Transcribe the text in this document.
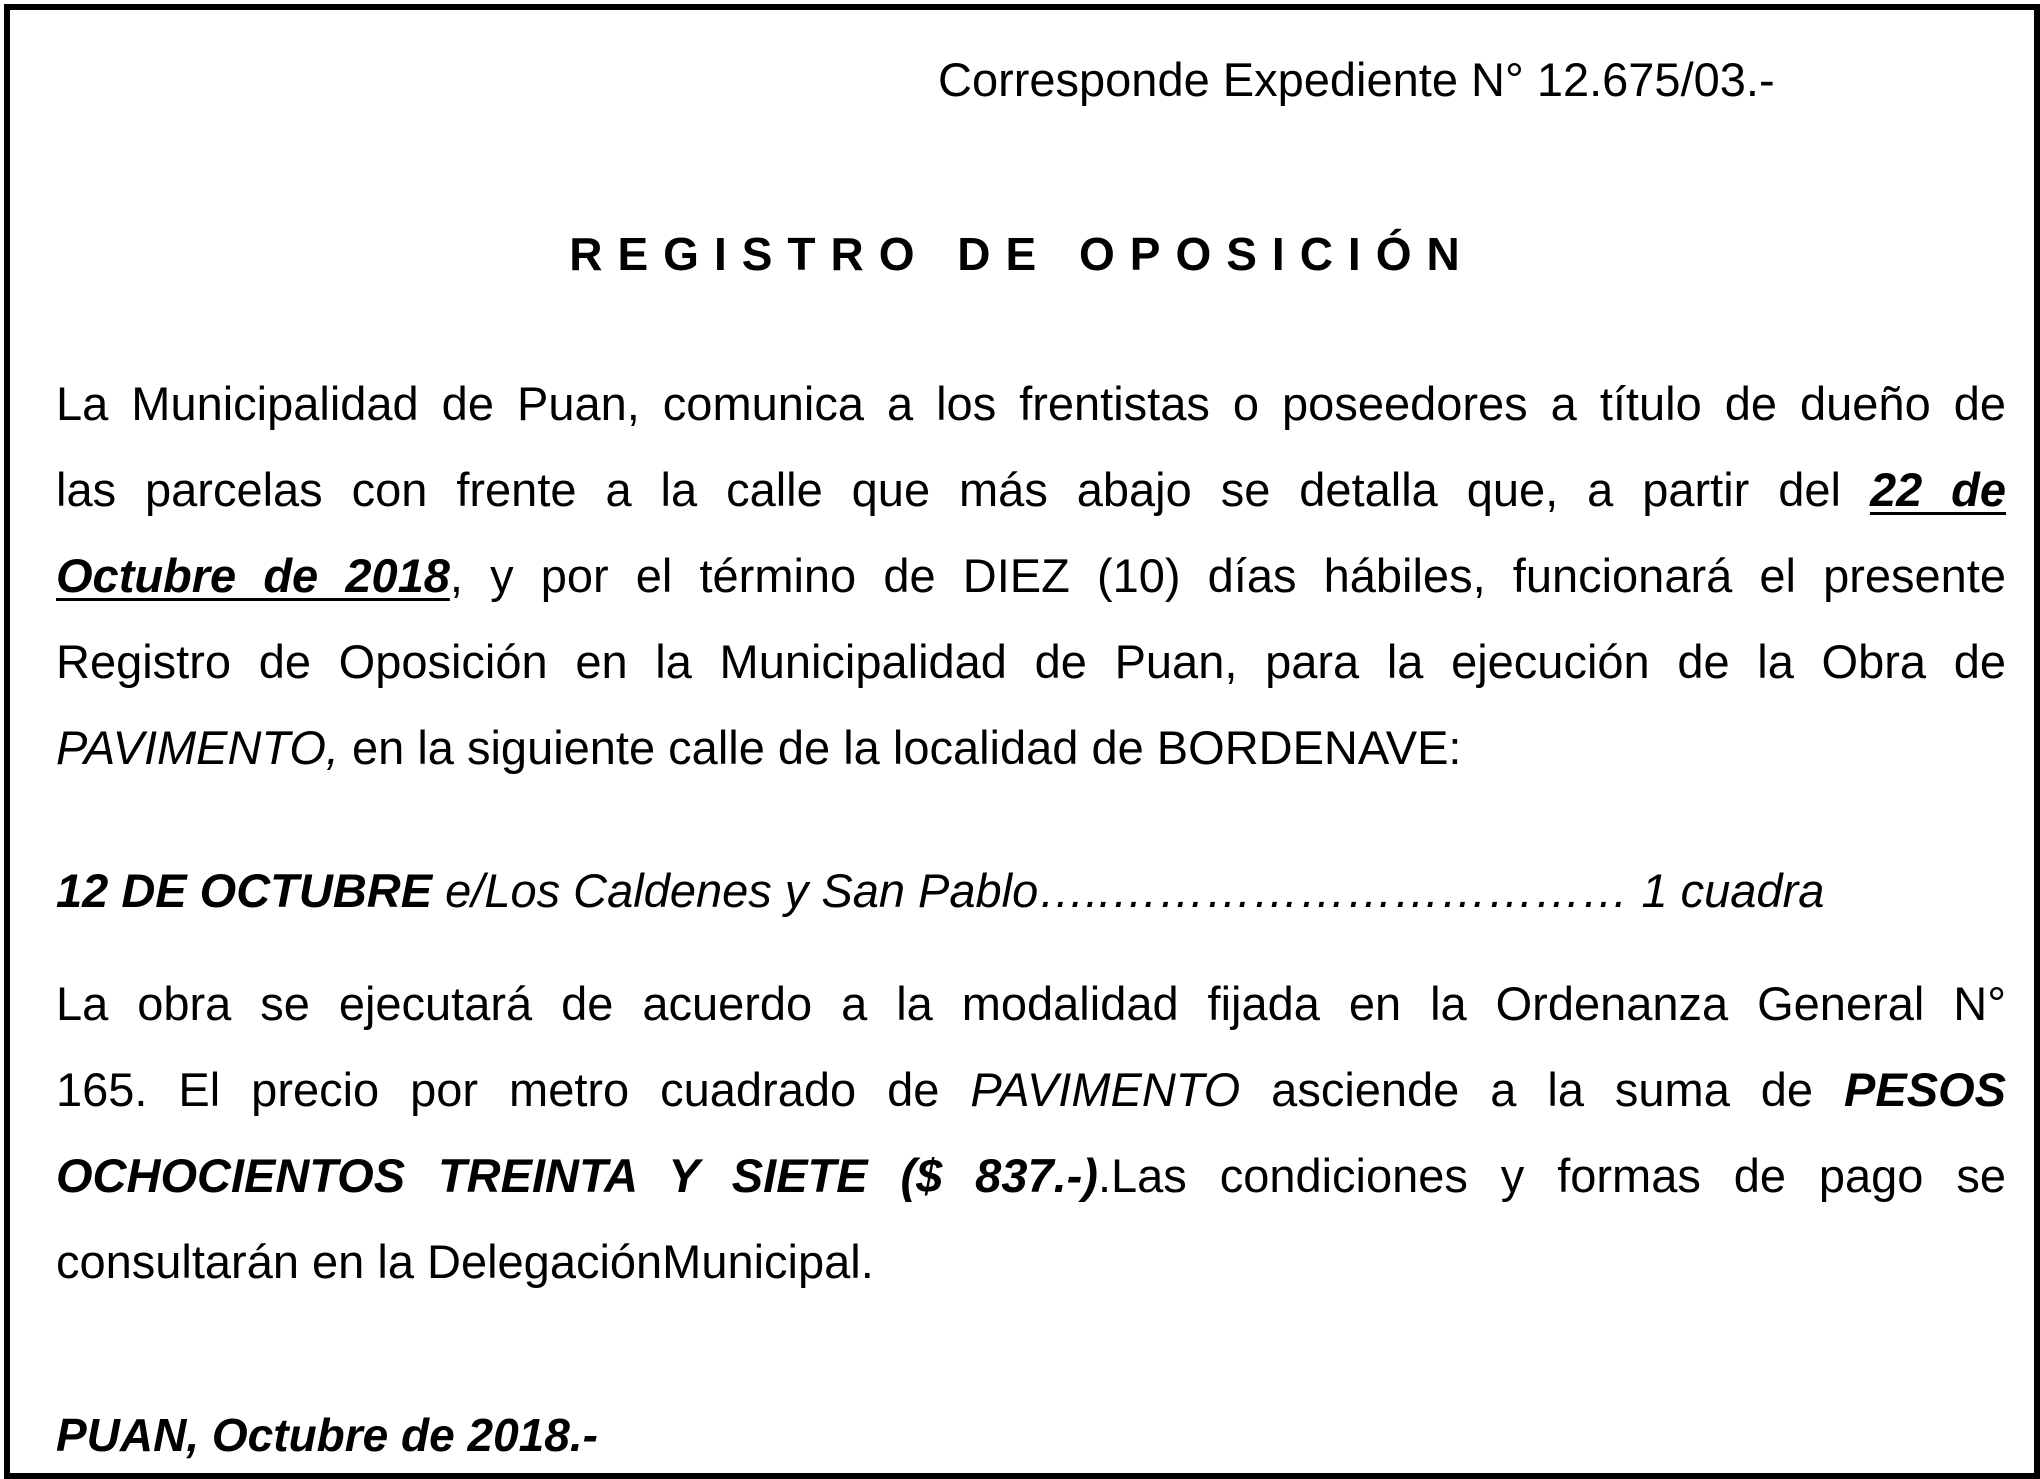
Corresponde Expediente N° 12.675/03.-
REGISTRO DE OPOSICIÓN
La Municipalidad de Puan, comunica a los frentistas o poseedores a título de dueño de
las parcelas con frente a la calle que más abajo se detalla que, a partir del 22 de
Octubre de 2018, y por el término de DIEZ (10) días hábiles, funcionará el presente
Registro de Oposición en la Municipalidad de Puan, para la ejecución de la Obra de
PAVIMENTO, en la siguiente calle de la localidad de BORDENAVE:
12 DE OCTUBRE e/Los Caldenes y San Pablo…..…………………………… 1 cuadra
La obra se ejecutará de acuerdo a la modalidad fijada en la Ordenanza General N°
165. El precio por metro cuadrado de PAVIMENTO asciende a la suma de PESOS
OCHOCIENTOS TREINTA Y SIETE ($ 837.-).Las condiciones y formas de pago se
consultarán en la DelegaciónMunicipal.
PUAN, Octubre de 2018.-
